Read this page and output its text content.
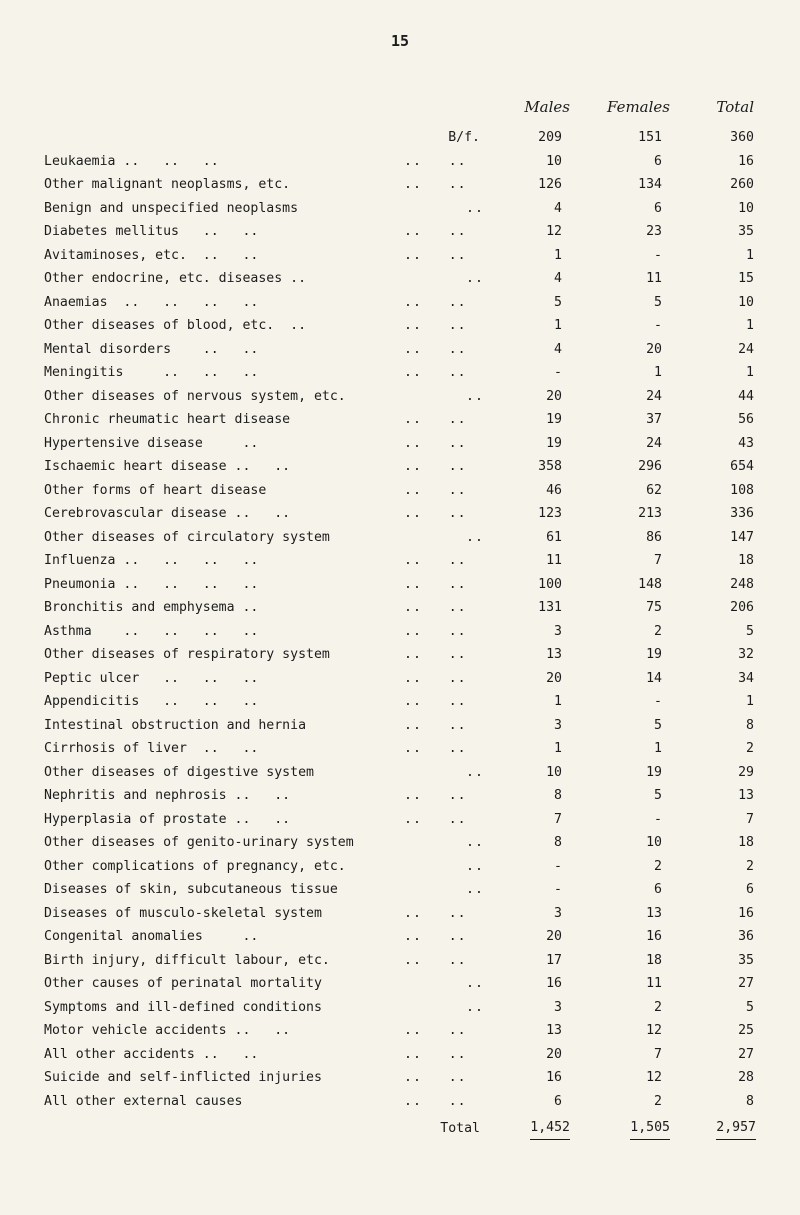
15
Males Females	Total
B/f.	209	151	360
Leukaemia ..   ..   ..	..   ..	10	6	16
Other malignant neoplasms, etc.	..   ..	126	134	260
Benign and unspecified neoplasms	..	4	6	10
Diabetes mellitus   ..   ..	..   ..	12	23	35
Avitaminoses, etc.  ..   ..	..   ..	1	-	1
Other endocrine, etc. diseases ..	..	4	11	15
Anaemias  ..   ..   ..   ..	..   ..	5	5	10
Other diseases of blood, etc.  ..	..   ..	1	-	1
Mental disorders    ..   ..	..   ..	4	20	24
Meningitis     ..   ..   ..	..   ..	-	1	1
Other diseases of nervous system, etc.	..	20	24	44
Chronic rheumatic heart disease	..   ..	19	37	56
Hypertensive disease     ..	..   ..	19	24	43
Ischaemic heart disease ..   ..	..   ..	358	296	654
Other forms of heart disease	..   ..	46	62	108
Cerebrovascular disease ..   ..	..   ..	123	213	336
Other diseases of circulatory system	..	61	86	147
Influenza ..   ..   ..   ..	..   ..	11	7	18
Pneumonia ..   ..   ..   ..	..   ..	100	148	248
Bronchitis and emphysema ..	..   ..	131	75	206
Asthma    ..   ..   ..   ..	..   ..	3	2	5
Other diseases of respiratory system	..   ..	13	19	32
Peptic ulcer   ..   ..   ..	..   ..	20	14	34
Appendicitis   ..   ..   ..	..   ..	1	-	1
Intestinal obstruction and hernia	..   ..	3	5	8
Cirrhosis of liver  ..   ..	..   ..	1	1	2
Other diseases of digestive system	..	10	19	29
Nephritis and nephrosis ..   ..	..   ..	8	5	13
Hyperplasia of prostate ..   ..	..   ..	7	-	7
Other diseases of genito-urinary system	..	8	10	18
Other complications of pregnancy, etc.	..	-	2	2
Diseases of skin, subcutaneous tissue	..	-	6	6
Diseases of musculo-skeletal system	..   ..	3	13	16
Congenital anomalies     ..	..   ..	20	16	36
Birth injury, difficult labour, etc.	..   ..	17	18	35
Other causes of perinatal mortality	..	16	11	27
Symptoms and ill-defined conditions	..	3	2	5
Motor vehicle accidents ..   ..	..   ..	13	12	25
All other accidents ..   ..	..   ..	20	7	27
Suicide and self-inflicted injuries	..   ..	16	12	28
All other external causes	..   ..	6	2	8
Total	1,452	1,505	2,957
